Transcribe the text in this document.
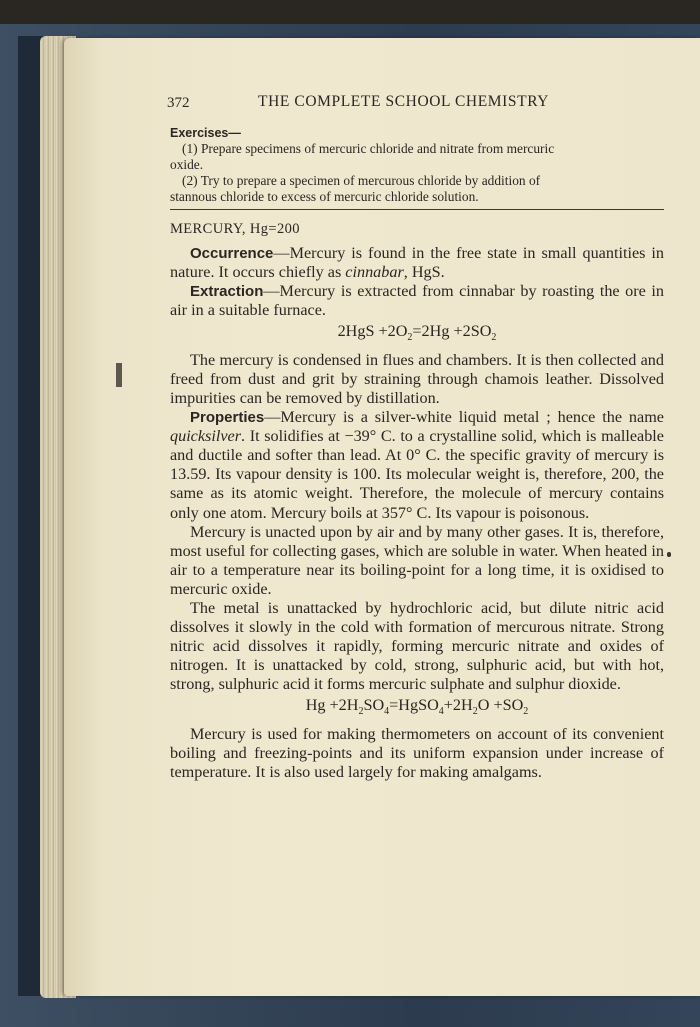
372	THE COMPLETE SCHOOL CHEMISTRY
Exercises—
(1) Prepare specimens of mercuric chloride and nitrate from mercuric
oxide.
(2) Try to prepare a specimen of mercurous chloride by addition of
stannous chloride to excess of mercuric chloride solution.
MERCURY, Hg=200

Occurrence—Mercury is found in the free state in small quantities in nature. It occurs chiefly as cinnabar, HgS.

Extraction—Mercury is extracted from cinnabar by roasting the ore in air in a suitable furnace.

$2HgS +2O_2=2Hg +2SO_2$

The mercury is condensed in flues and chambers. It is then collected and freed from dust and grit by straining through chamois leather. Dissolved impurities can be removed by distillation.

Properties—Mercury is a silver-white liquid metal ; hence the name quicksilver. It solidifies at −39° C. to a crystalline solid, which is malleable and ductile and softer than lead. At 0° C. the specific gravity of mercury is 13.59. Its vapour density is 100. Its molecular weight is, therefore, 200, the same as its atomic weight. Therefore, the molecule of mercury contains only one atom. Mercury boils at 357° C. Its vapour is poisonous.

Mercury is unacted upon by air and by many other gases. It is, therefore, most useful for collecting gases, which are soluble in water. When heated in air to a temperature near its boiling-point for a long time, it is oxidised to mercuric oxide.

The metal is unattacked by hydrochloric acid, but dilute nitric acid dissolves it slowly in the cold with formation of mercurous nitrate. Strong nitric acid dissolves it rapidly, forming mercuric nitrate and oxides of nitrogen. It is unattacked by cold, strong, sulphuric acid, but with hot, strong, sulphuric acid it forms mercuric sulphate and sulphur dioxide.

$Hg +2H_2SO_4=HgSO_4+2H_2O +SO_2$

Mercury is used for making thermometers on account of its convenient boiling and freezing-points and its uniform expansion under increase of temperature. It is also used largely for making amalgams.
